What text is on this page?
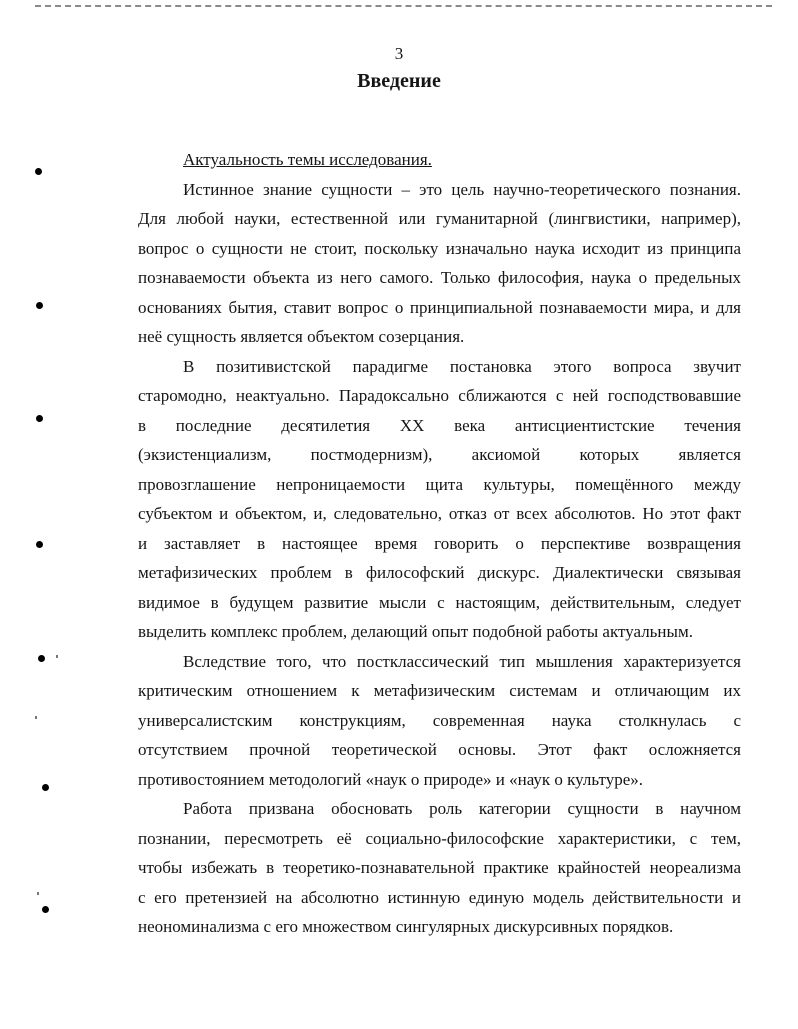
3
Введение
Актуальность темы исследования.
Истинное знание сущности – это цель научно-теоретического познания.
Для любой науки, естественной или гуманитарной (лингвистики, например),
вопрос о сущности не стоит, поскольку изначально наука исходит из принципа
познаваемости объекта из него самого. Только философия, наука о предельных
основаниях бытия, ставит вопрос о принципиальной познаваемости мира, и для
неё сущность является объектом созерцания.
В позитивистской парадигме постановка этого вопроса звучит
старомодно, неактуально. Парадоксально сближаются с ней господствовавшие
в последние десятилетия XX века антисциентистские течения
(экзистенциализм, постмодернизм), аксиомой которых является
провозглашение непроницаемости щита культуры, помещённого между
субъектом и объектом, и, следовательно, отказ от всех абсолютов. Но этот факт
и заставляет в настоящее время говорить о перспективе возвращения
метафизических проблем в философский дискурс. Диалектически связывая
видимое в будущем развитие мысли с настоящим, действительным, следует
выделить комплекс проблем, делающий опыт подобной работы актуальным.
Вследствие того, что постклассический тип мышления характеризуется
критическим отношением к метафизическим системам и отличающим их
универсалистским конструкциям, современная наука столкнулась с
отсутствием прочной теоретической основы. Этот факт осложняется
противостоянием методологий «наук о природе» и «наук о культуре».
Работа призвана обосновать роль категории сущности в научном
познании, пересмотреть её социально-философские характеристики, с тем,
чтобы избежать в теоретико-познавательной практике крайностей неореализма
с его претензией на абсолютно истинную единую модель действительности и
неономинализма с его множеством сингулярных дискурсивных порядков.
